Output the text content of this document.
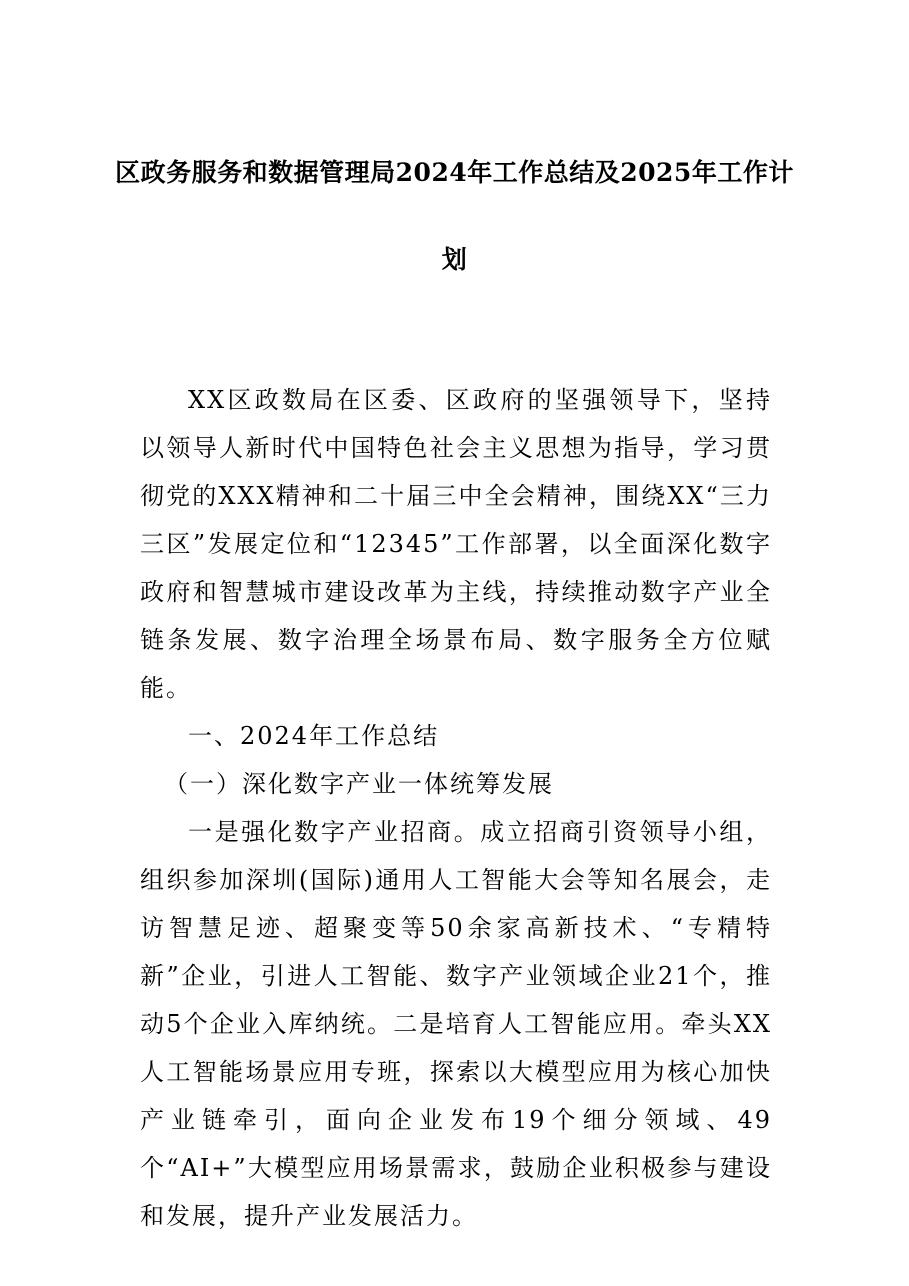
区政务服务和数据管理局2024年工作总结及2025年工作计
划

XX区政数局在区委、区政府的坚强领导下，坚持以领导人新时代中国特色社会主义思想为指导，学习贯彻党的XXX精神和二十届三中全会精神，围绕XX“三力三区”发展定位和“12345”工作部署，以全面深化数字政府和智慧城市建设改革为主线，持续推动数字产业全链条发展、数字治理全场景布局、数字服务全方位赋能。

一、2024年工作总结

（一）深化数字产业一体统筹发展

一是强化数字产业招商。成立招商引资领导小组，组织参加深圳(国际)通用人工智能大会等知名展会，走访智慧足迹、超聚变等50余家高新技术、“专精特新”企业，引进人工智能、数字产业领域企业21个，推动5个企业入库纳统。二是培育人工智能应用。牵头XX人工智能场景应用专班，探索以大模型应用为核心加快产业链牵引，面向企业发布19个细分领域、49个“AI+”大模型应用场景需求，鼓励企业积极参与建设和发展，提升产业发展活力。
